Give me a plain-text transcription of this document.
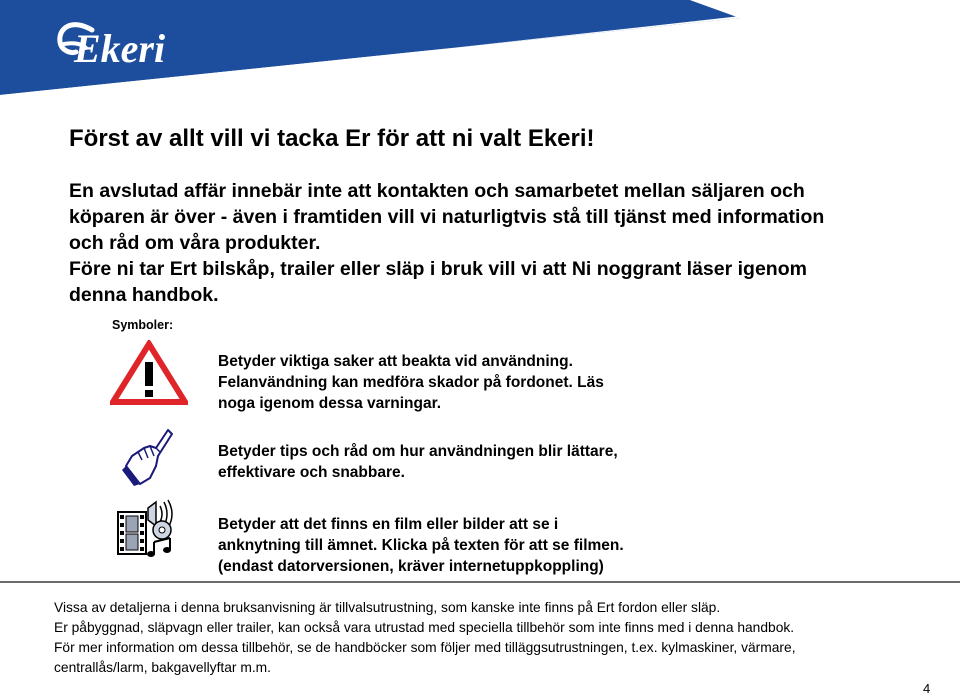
Ekeri
Först av allt vill vi tacka Er för att ni valt Ekeri!

En avslutad affär innebär inte att kontakten och samarbetet mellan säljaren och
köparen är över - även i framtiden vill vi naturligtvis stå till tjänst med information
och råd om våra produkter.
Före ni tar Ert bilskåp, trailer eller släp i bruk vill vi att Ni noggrant läser igenom
denna handbok.

Symboler:

Betyder viktiga saker att beakta vid användning.
Felanvändning kan medföra skador på fordonet. Läs
noga igenom dessa varningar.

Betyder tips och råd om hur användningen blir lättare,
effektivare och snabbare.

Betyder att det finns en film eller bilder att se i
anknytning till ämnet. Klicka på texten för att se filmen.
(endast datorversionen, kräver internetuppkoppling)

Vissa av detaljerna i denna bruksanvisning är tillvalsutrustning, som kanske inte finns på Ert fordon eller släp.
Er påbyggnad, släpvagn eller trailer, kan också vara utrustad med speciella tillbehör som inte finns med i denna handbok.
För mer information om dessa tillbehör, se de handböcker som följer med tilläggsutrustningen, t.ex. kylmaskiner, värmare,
centrallås/larm, bakgavellyftar m.m.
4
